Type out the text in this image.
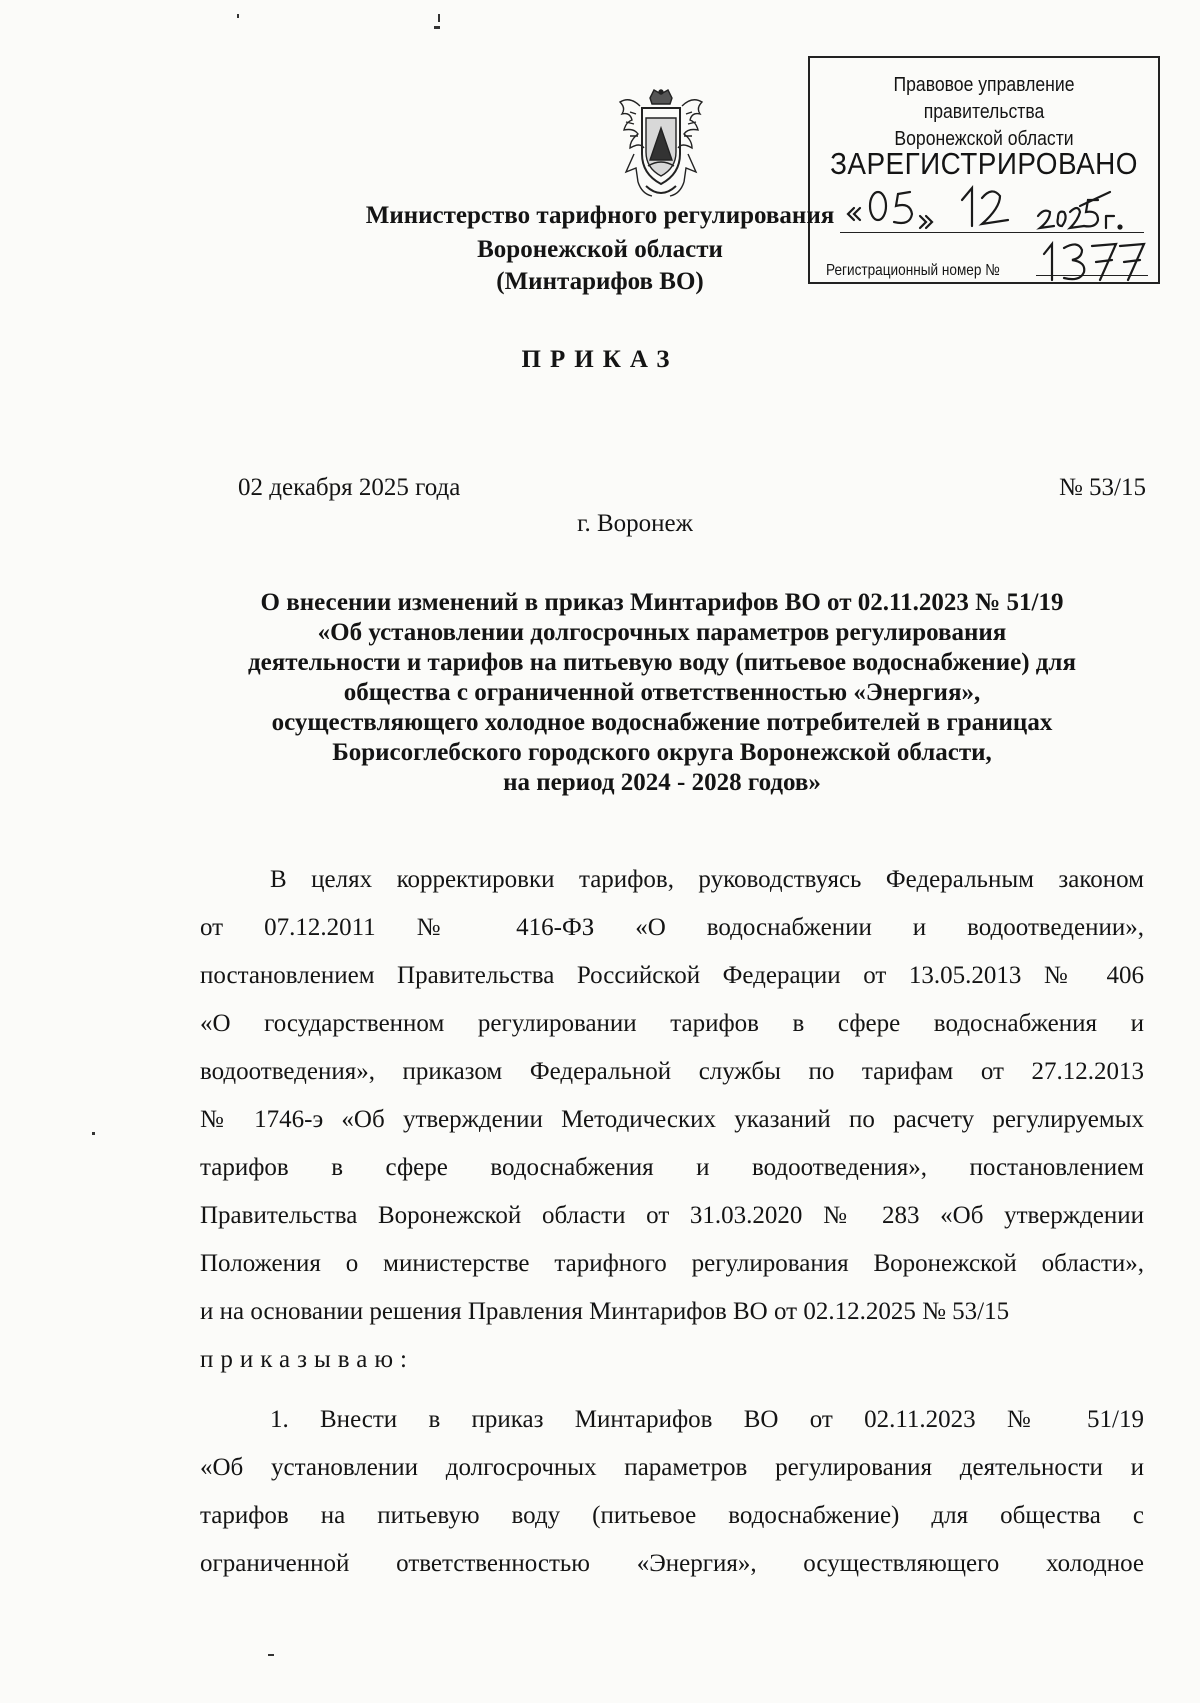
Правовое управление правительства
Воронежской области
ЗАРЕГИСТРИРОВАНО
Регистрационный номер №
Министерство тарифного регулирования
Воронежской области
(Минтарифов ВО)
ПРИКАЗ
02 декабря 2025 года	№ 53/15
г. Воронеж
О внесении изменений в приказ Минтарифов ВО от 02.11.2023 № 51/19
«Об установлении долгосрочных параметров регулирования
деятельности и тарифов на питьевую воду (питьевое водоснабжение) для
общества с ограниченной ответственностью «Энергия»,
осуществляющего холодное водоснабжение потребителей в границах
Борисоглебского городского округа Воронежской области,
на период 2024 - 2028 годов»
В целях корректировки тарифов, руководствуясь Федеральным законом
от 07.12.2011 № 416-ФЗ «О водоснабжении и водоотведении»,
постановлением Правительства Российской Федерации от 13.05.2013 № 406
«О государственном регулировании тарифов в сфере водоснабжения и
водоотведения», приказом Федеральной службы по тарифам от 27.12.2013
№ 1746-э «Об утверждении Методических указаний по расчету регулируемых
тарифов в сфере водоснабжения и водоотведения», постановлением
Правительства Воронежской области от 31.03.2020 № 283 «Об утверждении
Положения о министерстве тарифного регулирования Воронежской области»,
и на основании решения Правления Минтарифов ВО от 02.12.2025 № 53/15
приказываю:
1. Внести в приказ Минтарифов ВО от 02.11.2023 № 51/19
«Об установлении долгосрочных параметров регулирования деятельности и
тарифов на питьевую воду (питьевое водоснабжение) для общества с
ограниченной ответственностью «Энергия», осуществляющего холодное
